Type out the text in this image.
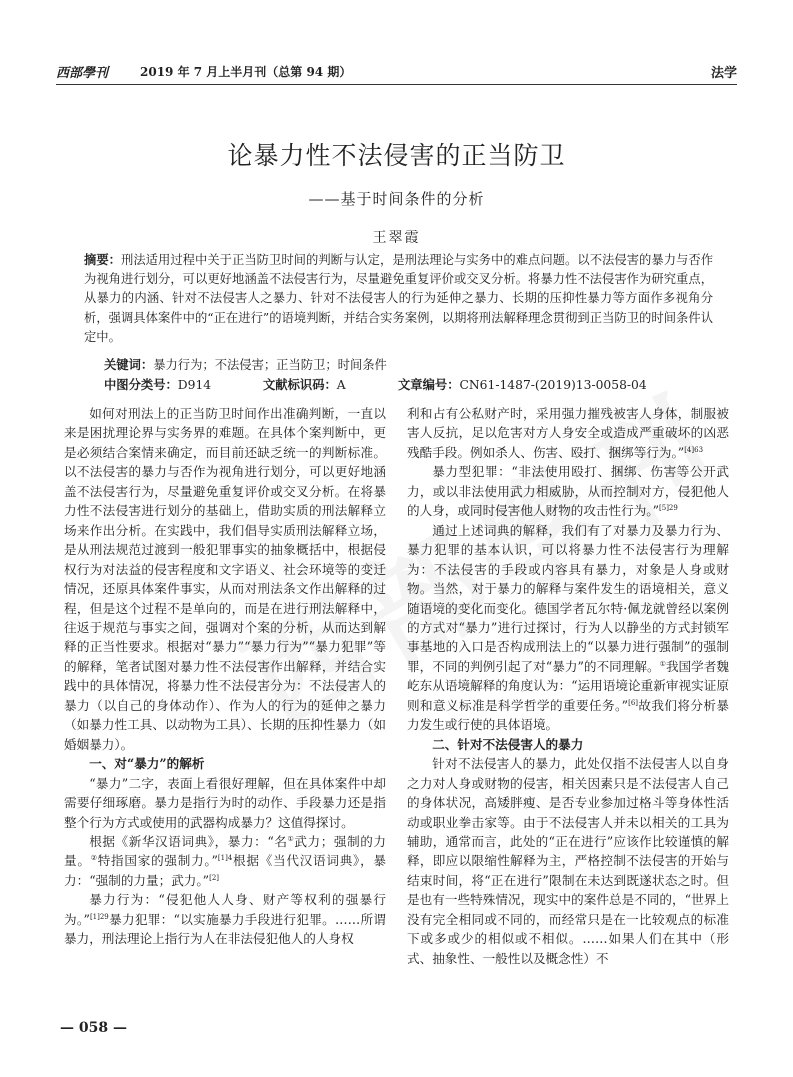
西部學刊	2019 年 7 月上半月刊（总第 94 期）	法学
论暴力性不法侵害的正当防卫
——基于时间条件的分析
王翠霞
摘要：刑法适用过程中关于正当防卫时间的判断与认定，是刑法理论与实务中的难点问题。以不法侵害的暴力与否作为视角进行划分，可以更好地涵盖不法侵害行为，尽量避免重复评价或交叉分析。将暴力性不法侵害作为研究重点，从暴力的内涵、针对不法侵害人之暴力、针对不法侵害人的行为延伸之暴力、长期的压抑性暴力等方面作多视角分析，强调具体案件中的“正在进行”的语境判断，并结合实务案例，以期将刑法解释理念贯彻到正当防卫的时间条件认定中。
关键词：暴力行为；不法侵害；正当防卫；时间条件
中图分类号：D914	文献标识码：A	文章编号：CN61-1487-(2019)13-0058-04

如何对刑法上的正当防卫时间作出准确判断，一直以来是困扰理论界与实务界的难题。在具体个案判断中，更是必须结合案情来确定，而目前还缺乏统一的判断标准。以不法侵害的暴力与否作为视角进行划分，可以更好地涵盖不法侵害行为，尽量避免重复评价或交叉分析。在将暴力性不法侵害进行划分的基础上，借助实质的刑法解释立场来作出分析。在实践中，我们倡导实质刑法解释立场，是从刑法规范过渡到一般犯罪事实的抽象概括中，根据侵权行为对法益的侵害程度和文字语义、社会环境等的变迁情况，还原具体案件事实，从而对刑法条文作出解释的过程，但是这个过程不是单向的，而是在进行刑法解释中，往返于规范与事实之间，强调对个案的分析，从而达到解释的正当性要求。根据对“暴力”“暴力行为”“暴力犯罪”等的解释，笔者试图对暴力性不法侵害作出解释，并结合实践中的具体情况，将暴力性不法侵害分为：不法侵害人的暴力（以自己的身体动作）、作为人的行为的延伸之暴力（如暴力性工具、以动物为工具）、长期的压抑性暴力（如婚姻暴力）。

一、对“暴力”的解析

“暴力”二字，表面上看很好理解，但在具体案件中却需要仔细琢磨。暴力是指行为时的动作、手段暴力还是指整个行为方式或使用的武器构成暴力？这值得探讨。

根据《新华汉语词典》，暴力：“名①武力；强制的力量。②特指国家的强制力。”$^{[1]4}$根据《当代汉语词典》，暴力：“强制的力量；武力。”[2]

暴力行为：“侵犯他人人身、财产等权利的强暴行为。”$^{[1]29}$暴力犯罪：“以实施暴力手段进行犯罪。……所谓暴力，刑法理论上指行为人在非法侵犯他人的人身权

利和占有公私财产时，采用强力摧残被害人身体，制服被害人反抗，足以危害对方人身安全或造成严重破坏的凶恶残酷手段。例如杀人、伤害、殴打、捆绑等行为。”$^{[4]63}$

暴力型犯罪：“非法使用殴打、捆绑、伤害等公开武力，或以非法使用武力相威胁，从而控制对方，侵犯他人的人身，或同时侵害他人财物的攻击性行为。”$^{[5]29}$

通过上述词典的解释，我们有了对暴力及暴力行为、暴力犯罪的基本认识，可以将暴力性不法侵害行为理解为：不法侵害的手段或内容具有暴力，对象是人身或财物。当然，对于暴力的解释与案件发生的语境相关，意义随语境的变化而变化。德国学者瓦尔特·佩龙就曾经以案例的方式对“暴力”进行过探讨，行为人以静坐的方式封锁军事基地的入口是否构成刑法上的“以暴力进行强制”的强制罪，不同的判例引起了对“暴力”的不同理解。①我国学者魏屹东从语境解释的角度认为：“运用语境论重新审视实证原则和意义标准是科学哲学的重要任务。”[6]故我们将分析暴力发生或行使的具体语境。

二、针对不法侵害人的暴力

针对不法侵害人的暴力，此处仅指不法侵害人以自身之力对人身或财物的侵害，相关因素只是不法侵害人自己的身体状况，高矮胖瘦、是否专业参加过格斗等身体性活动或职业拳击家等。由于不法侵害人并未以相关的工具为辅助，通常而言，此处的“正在进行”应该作比较谨慎的解释，即应以限缩性解释为主，严格控制不法侵害的开始与结束时间，将“正在进行”限制在未达到既遂状态之时。但是也有一些特殊情况，现实中的案件总是不同的，“世界上没有完全相同或不同的，而经常只是在一比较观点的标准下或多或少的相似或不相似。……如果人们在其中（形式、抽象性、一般性以及概念性）不

— 058 —
